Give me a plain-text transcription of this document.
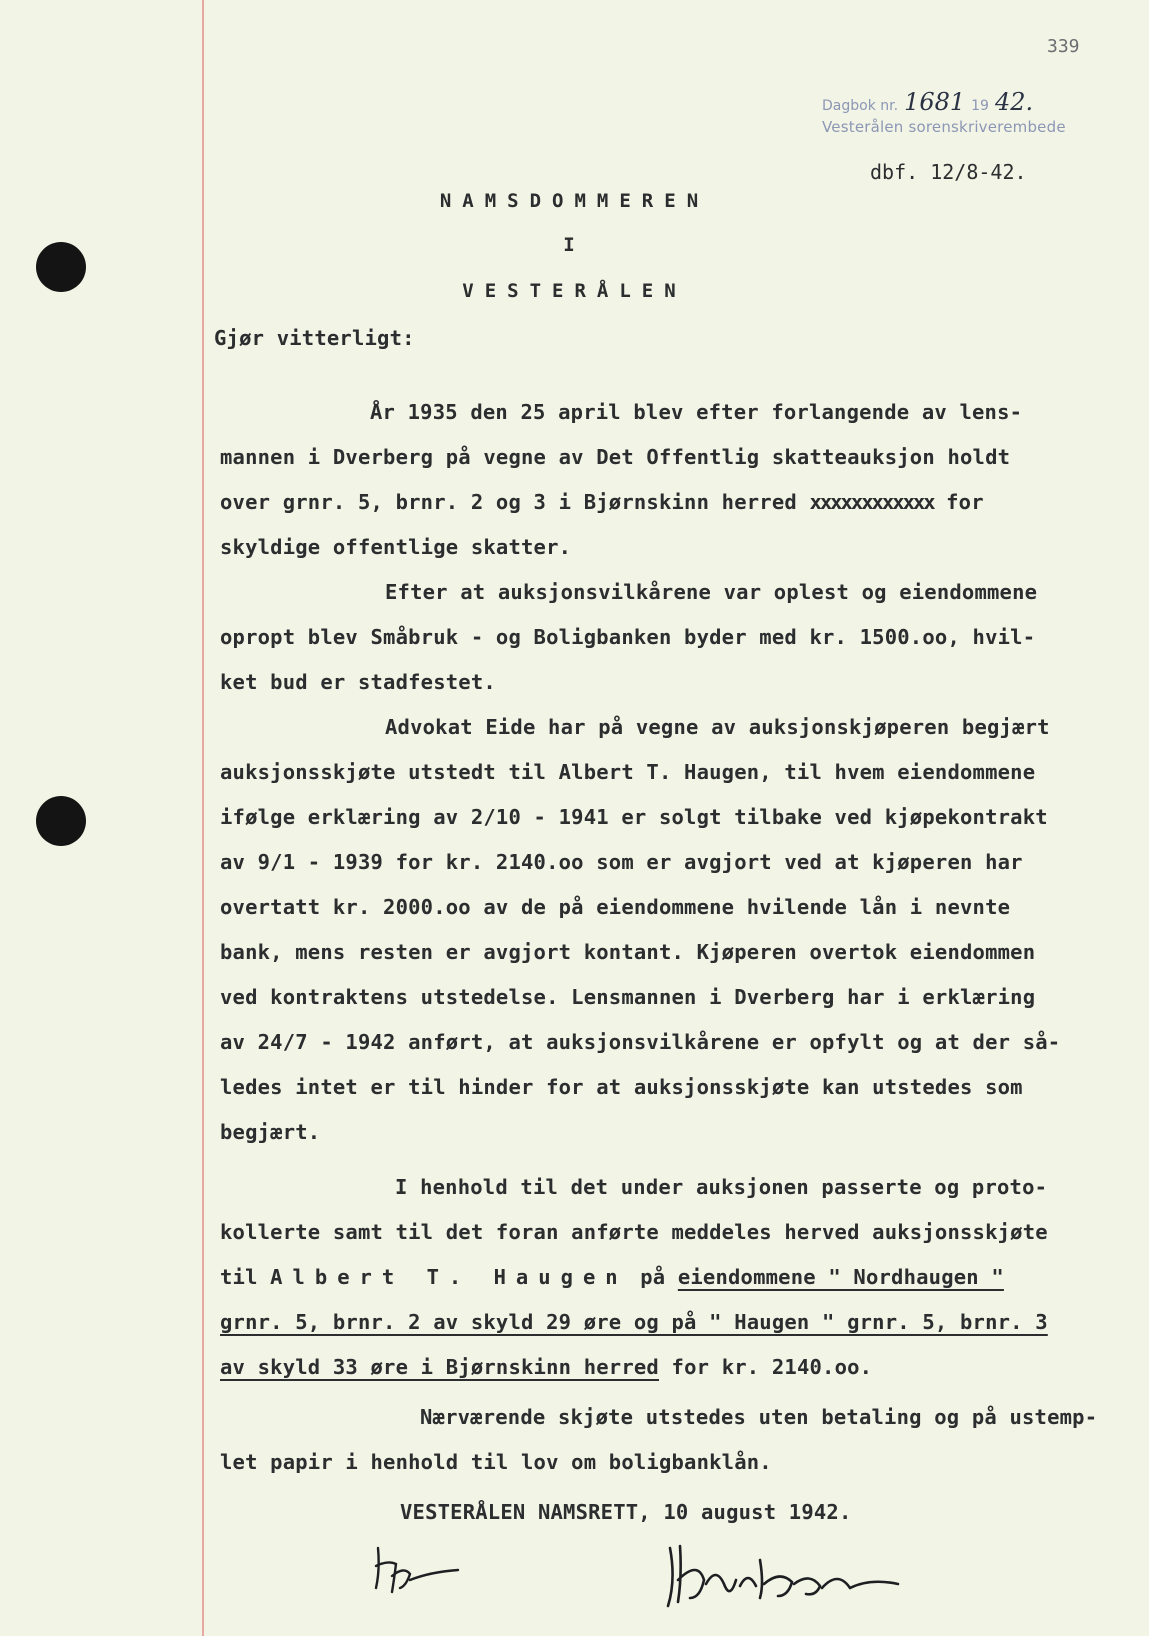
339
Dagbok nr. 1681 19 42.
Vesterålen sorenskriverembede
dbf. 12/8-42.
NAMSDOMMEREN
I
VESTERÅLEN
Gjør vitterligt:
År 1935 den 25 april blev efter forlangende av lens-
mannen i Dverberg på vegne av Det Offentlig skatteauksjon holdt
over grnr. 5, brnr. 2 og 3 i Bjørnskinn herred xxxxxxxxxxxx for
skyldige offentlige skatter.
Efter at auksjonsvilkårene var oplest og eiendommene
opropt blev Småbruk - og Boligbanken byder med kr. 1500.oo, hvil-
ket bud er stadfestet.
Advokat Eide har på vegne av auksjonskjøperen begjært
auksjonsskjøte utstedt til Albert T. Haugen, til hvem eiendommene
ifølge erklæring av 2/10 - 1941 er solgt tilbake ved kjøpekontrakt
av 9/1 - 1939 for kr. 2140.oo som er avgjort ved at kjøperen har
overtatt kr. 2000.oo av de på eiendommene hvilende lån i nevnte
bank, mens resten er avgjort kontant. Kjøperen overtok eiendommen
ved kontraktens utstedelse. Lensmannen i Dverberg har i erklæring
av 24/7 - 1942 anført, at auksjonsvilkårene er opfylt og at der så-
ledes intet er til hinder for at auksjonsskjøte kan utstedes som
begjært.
I henhold til det under auksjonen passerte og proto-
kollerte samt til det foran anførte meddeles herved auksjonsskjøte
til Albert T. Haugen på eiendommene " Nordhaugen "
grnr. 5, brnr. 2 av skyld 29 øre og på " Haugen " grnr. 5, brnr. 3
av skyld 33 øre i Bjørnskinn herred for kr. 2140.oo.
Nærværende skjøte utstedes uten betaling og på ustemp-
let papir i henhold til lov om boligbanklån.
VESTERÅLEN NAMSRETT, 10 august 1942.
